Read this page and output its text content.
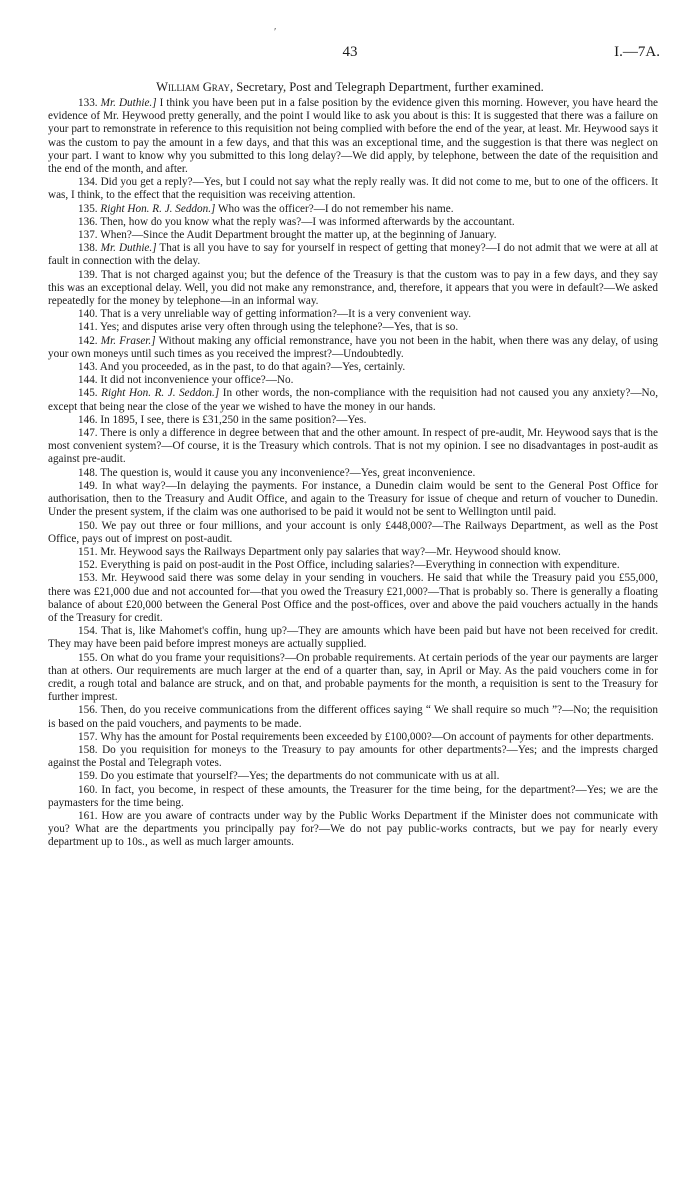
′
43	I.—7A.
William Gray, Secretary, Post and Telegraph Department, further examined.

133. Mr. Duthie.] I think you have been put in a false position by the evidence given this morning. However, you have heard the evidence of Mr. Heywood pretty generally, and the point I would like to ask you about is this: It is suggested that there was a failure on your part to remonstrate in reference to this requisition not being complied with before the end of the year, at least. Mr. Heywood says it was the custom to pay the amount in a few days, and that this was an exceptional time, and the suggestion is that there was neglect on your part. I want to know why you submitted to this long delay?—We did apply, by telephone, between the date of the requisition and the end of the month, and after.

134. Did you get a reply?—Yes, but I could not say what the reply really was. It did not come to me, but to one of the officers. It was, I think, to the effect that the requisition was receiving attention.

135. Right Hon. R. J. Seddon.] Who was the officer?—I do not remember his name.

136. Then, how do you know what the reply was?—I was informed afterwards by the accountant.

137. When?—Since the Audit Department brought the matter up, at the beginning of January.

138. Mr. Duthie.] That is all you have to say for yourself in respect of getting that money?—I do not admit that we were at all at fault in connection with the delay.

139. That is not charged against you; but the defence of the Treasury is that the custom was to pay in a few days, and they say this was an exceptional delay. Well, you did not make any remonstrance, and, therefore, it appears that you were in default?—We asked repeatedly for the money by telephone—in an informal way.

140. That is a very unreliable way of getting information?—It is a very convenient way.

141. Yes; and disputes arise very often through using the telephone?—Yes, that is so.

142. Mr. Fraser.] Without making any official remonstrance, have you not been in the habit, when there was any delay, of using your own moneys until such times as you received the imprest?—Undoubtedly.

143. And you proceeded, as in the past, to do that again?—Yes, certainly.

144. It did not inconvenience your office?—No.

145. Right Hon. R. J. Seddon.] In other words, the non-compliance with the requisition had not caused you any anxiety?—No, except that being near the close of the year we wished to have the money in our hands.

146. In 1895, I see, there is £31,250 in the same position?—Yes.

147. There is only a difference in degree between that and the other amount. In respect of pre-audit, Mr. Heywood says that is the most convenient system?—Of course, it is the Treasury which controls. That is not my opinion. I see no disadvantages in post-audit as against pre-audit.

148. The question is, would it cause you any inconvenience?—Yes, great inconvenience.

149. In what way?—In delaying the payments. For instance, a Dunedin claim would be sent to the General Post Office for authorisation, then to the Treasury and Audit Office, and again to the Treasury for issue of cheque and return of voucher to Dunedin. Under the present system, if the claim was one authorised to be paid it would not be sent to Wellington until paid.

150. We pay out three or four millions, and your account is only £448,000?—The Railways Department, as well as the Post Office, pays out of imprest on post-audit.

151. Mr. Heywood says the Railways Department only pay salaries that way?—Mr. Heywood should know.

152. Everything is paid on post-audit in the Post Office, including salaries?—Everything in connection with expenditure.

153. Mr. Heywood said there was some delay in your sending in vouchers. He said that while the Treasury paid you £55,000, there was £21,000 due and not accounted for—that you owed the Treasury £21,000?—That is probably so. There is generally a floating balance of about £20,000 between the General Post Office and the post-offices, over and above the paid vouchers actually in the hands of the Treasury for credit.

154. That is, like Mahomet's coffin, hung up?—They are amounts which have been paid but have not been received for credit. They may have been paid before imprest moneys are actually supplied.

155. On what do you frame your requisitions?—On probable requirements. At certain periods of the year our payments are larger than at others. Our requirements are much larger at the end of a quarter than, say, in April or May. As the paid vouchers come in for credit, a rough total and balance are struck, and on that, and probable payments for the month, a requisition is sent to the Treasury for further imprest.

156. Then, do you receive communications from the different offices saying “ We shall require so much ”?—No; the requisition is based on the paid vouchers, and payments to be made.

157. Why has the amount for Postal requirements been exceeded by £100,000?—On account of payments for other departments.

158. Do you requisition for moneys to the Treasury to pay amounts for other departments?—Yes; and the imprests charged against the Postal and Telegraph votes.

159. Do you estimate that yourself?—Yes; the departments do not communicate with us at all.

160. In fact, you become, in respect of these amounts, the Treasurer for the time being, for the department?—Yes; we are the paymasters for the time being.

161. How are you aware of contracts under way by the Public Works Department if the Minister does not communicate with you? What are the departments you principally pay for?—We do not pay public-works contracts, but we pay for nearly every department up to 10s., as well as much larger amounts.
